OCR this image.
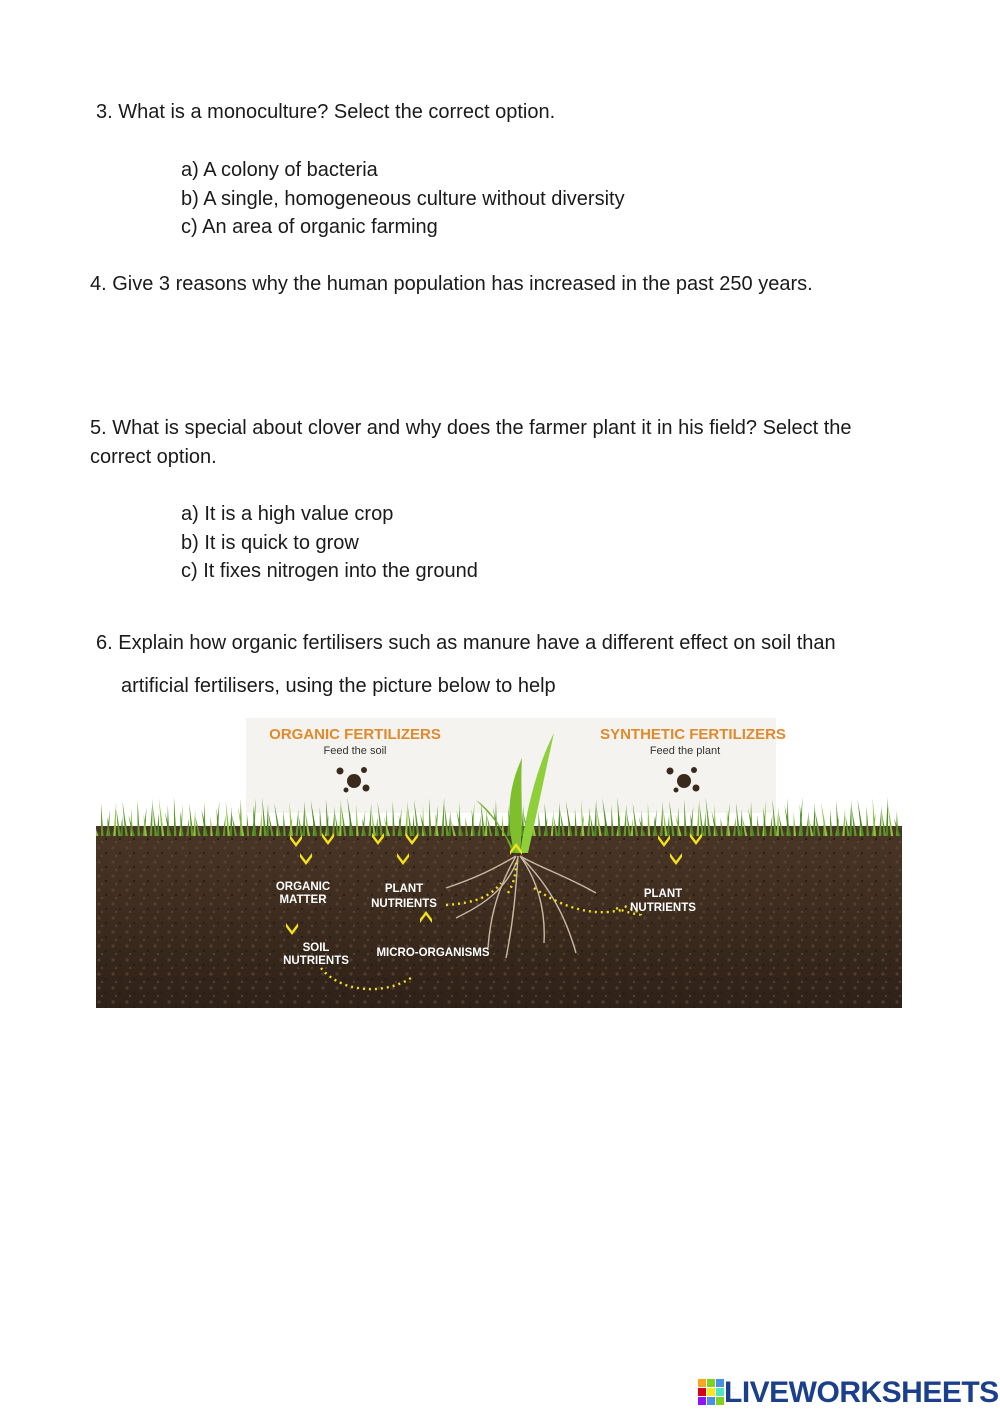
3. What is a monoculture? Select the correct option.
a) A colony of bacteria
b) A single, homogeneous culture without diversity
c) An area of organic farming
4. Give 3 reasons why the human population has increased in the past 250 years.
5. What is special about clover and why does the farmer plant it in his field? Select the
correct option.
a) It is a high value crop
b) It is quick to grow
c) It fixes nitrogen into the ground
6. Explain how organic fertilisers such as manure have a different effect on soil than
artificial fertilisers, using the picture below to help
ORGANIC FERTILIZERS
Feed the soil
SYNTHETIC FERTILIZERS
Feed the plant
ORGANIC
MATTER
PLANT
NUTRIENTS
SOIL
NUTRIENTS
MICRO-ORGANISMS
PLANT
NUTRIENTS
LIVEWORKSHEETS
